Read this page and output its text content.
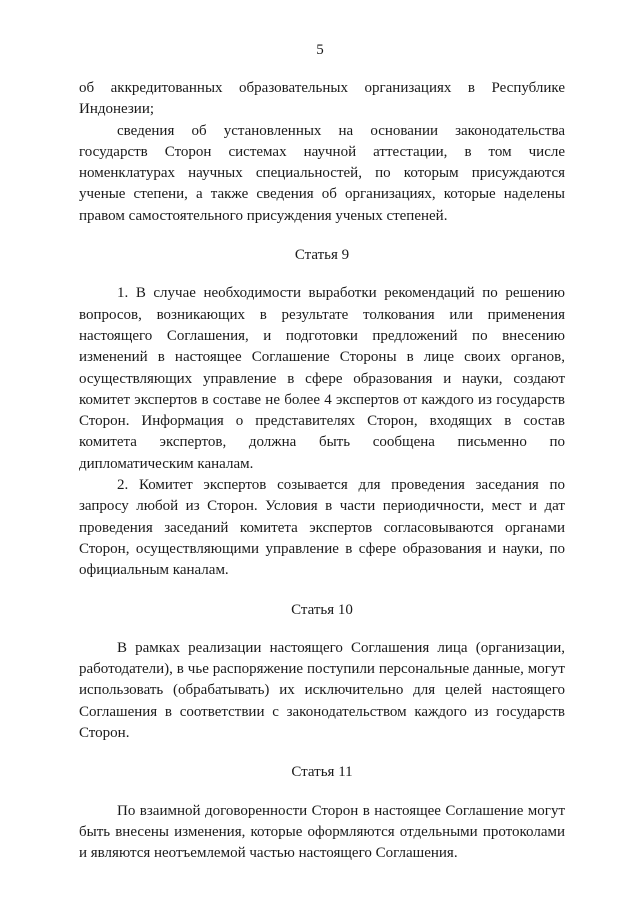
5

об аккредитованных образовательных организациях в Республике Индонезии;

сведения об установленных на основании законодательства государств Сторон системах научной аттестации, в том числе номенклатурах научных специальностей, по которым присуждаются ученые степени, а также сведения об организациях, которые наделены правом самостоятельного присуждения ученых степеней.

Статья 9

1. В случае необходимости выработки рекомендаций по решению вопросов, возникающих в результате толкования или применения настоящего Соглашения, и подготовки предложений по внесению изменений в настоящее Соглашение Стороны в лице своих органов, осуществляющих управление в сфере образования и науки, создают комитет экспертов в составе не более 4 экспертов от каждого из государств Сторон. Информация о представителях Сторон, входящих в состав комитета экспертов, должна быть сообщена письменно по дипломатическим каналам.

2. Комитет экспертов созывается для проведения заседания по запросу любой из Сторон. Условия в части периодичности, мест и дат проведения заседаний комитета экспертов согласовываются органами Сторон, осуществляющими управление в сфере образования и науки, по официальным каналам.

Статья 10

В рамках реализации настоящего Соглашения лица (организации, работодатели), в чье распоряжение поступили персональные данные, могут использовать (обрабатывать) их исключительно для целей настоящего Соглашения в соответствии с законодательством каждого из государств Сторон.

Статья 11

По взаимной договоренности Сторон в настоящее Соглашение могут быть внесены изменения, которые оформляются отдельными протоколами и являются неотъемлемой частью настоящего Соглашения.
